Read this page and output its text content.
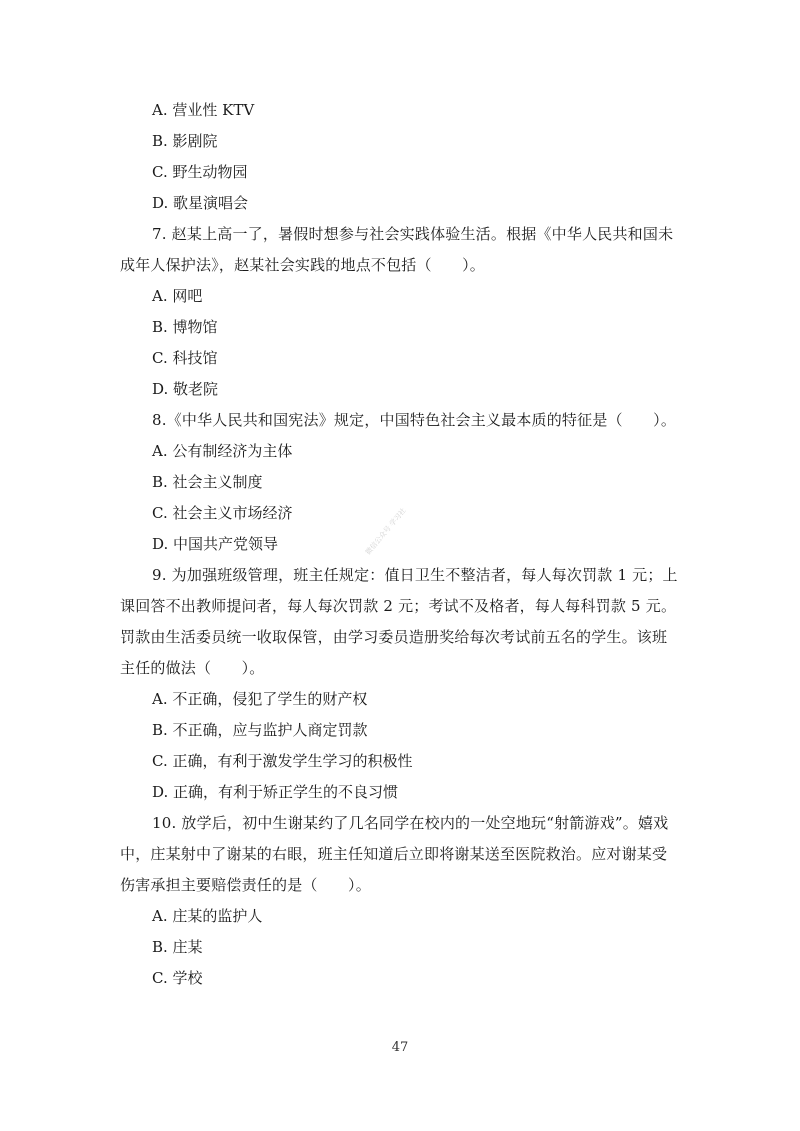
A. 营业性 KTV
B. 影剧院
C. 野生动物园
D. 歌星演唱会
7. 赵某上高一了，暑假时想参与社会实践体验生活。根据《中华人民共和国未成年人保护法》，赵某社会实践的地点不包括（　　）。
A. 网吧
B. 博物馆
C. 科技馆
D. 敬老院
8.《中华人民共和国宪法》规定，中国特色社会主义最本质的特征是（　　）。
A. 公有制经济为主体
B. 社会主义制度
C. 社会主义市场经济
D. 中国共产党领导
9. 为加强班级管理，班主任规定：值日卫生不整洁者，每人每次罚款 1 元；上课回答不出教师提问者，每人每次罚款 2 元；考试不及格者，每人每科罚款 5 元。罚款由生活委员统一收取保管，由学习委员造册奖给每次考试前五名的学生。该班主任的做法（　　）。
A. 不正确，侵犯了学生的财产权
B. 不正确，应与监护人商定罚款
C. 正确，有利于激发学生学习的积极性
D. 正确，有利于矫正学生的不良习惯
10. 放学后，初中生谢某约了几名同学在校内的一处空地玩“射箭游戏”。嬉戏中，庄某射中了谢某的右眼，班主任知道后立即将谢某送至医院救治。应对谢某受伤害承担主要赔偿责任的是（　　）。
A. 庄某的监护人
B. 庄某
C. 学校
微信公众号 学习社
47
